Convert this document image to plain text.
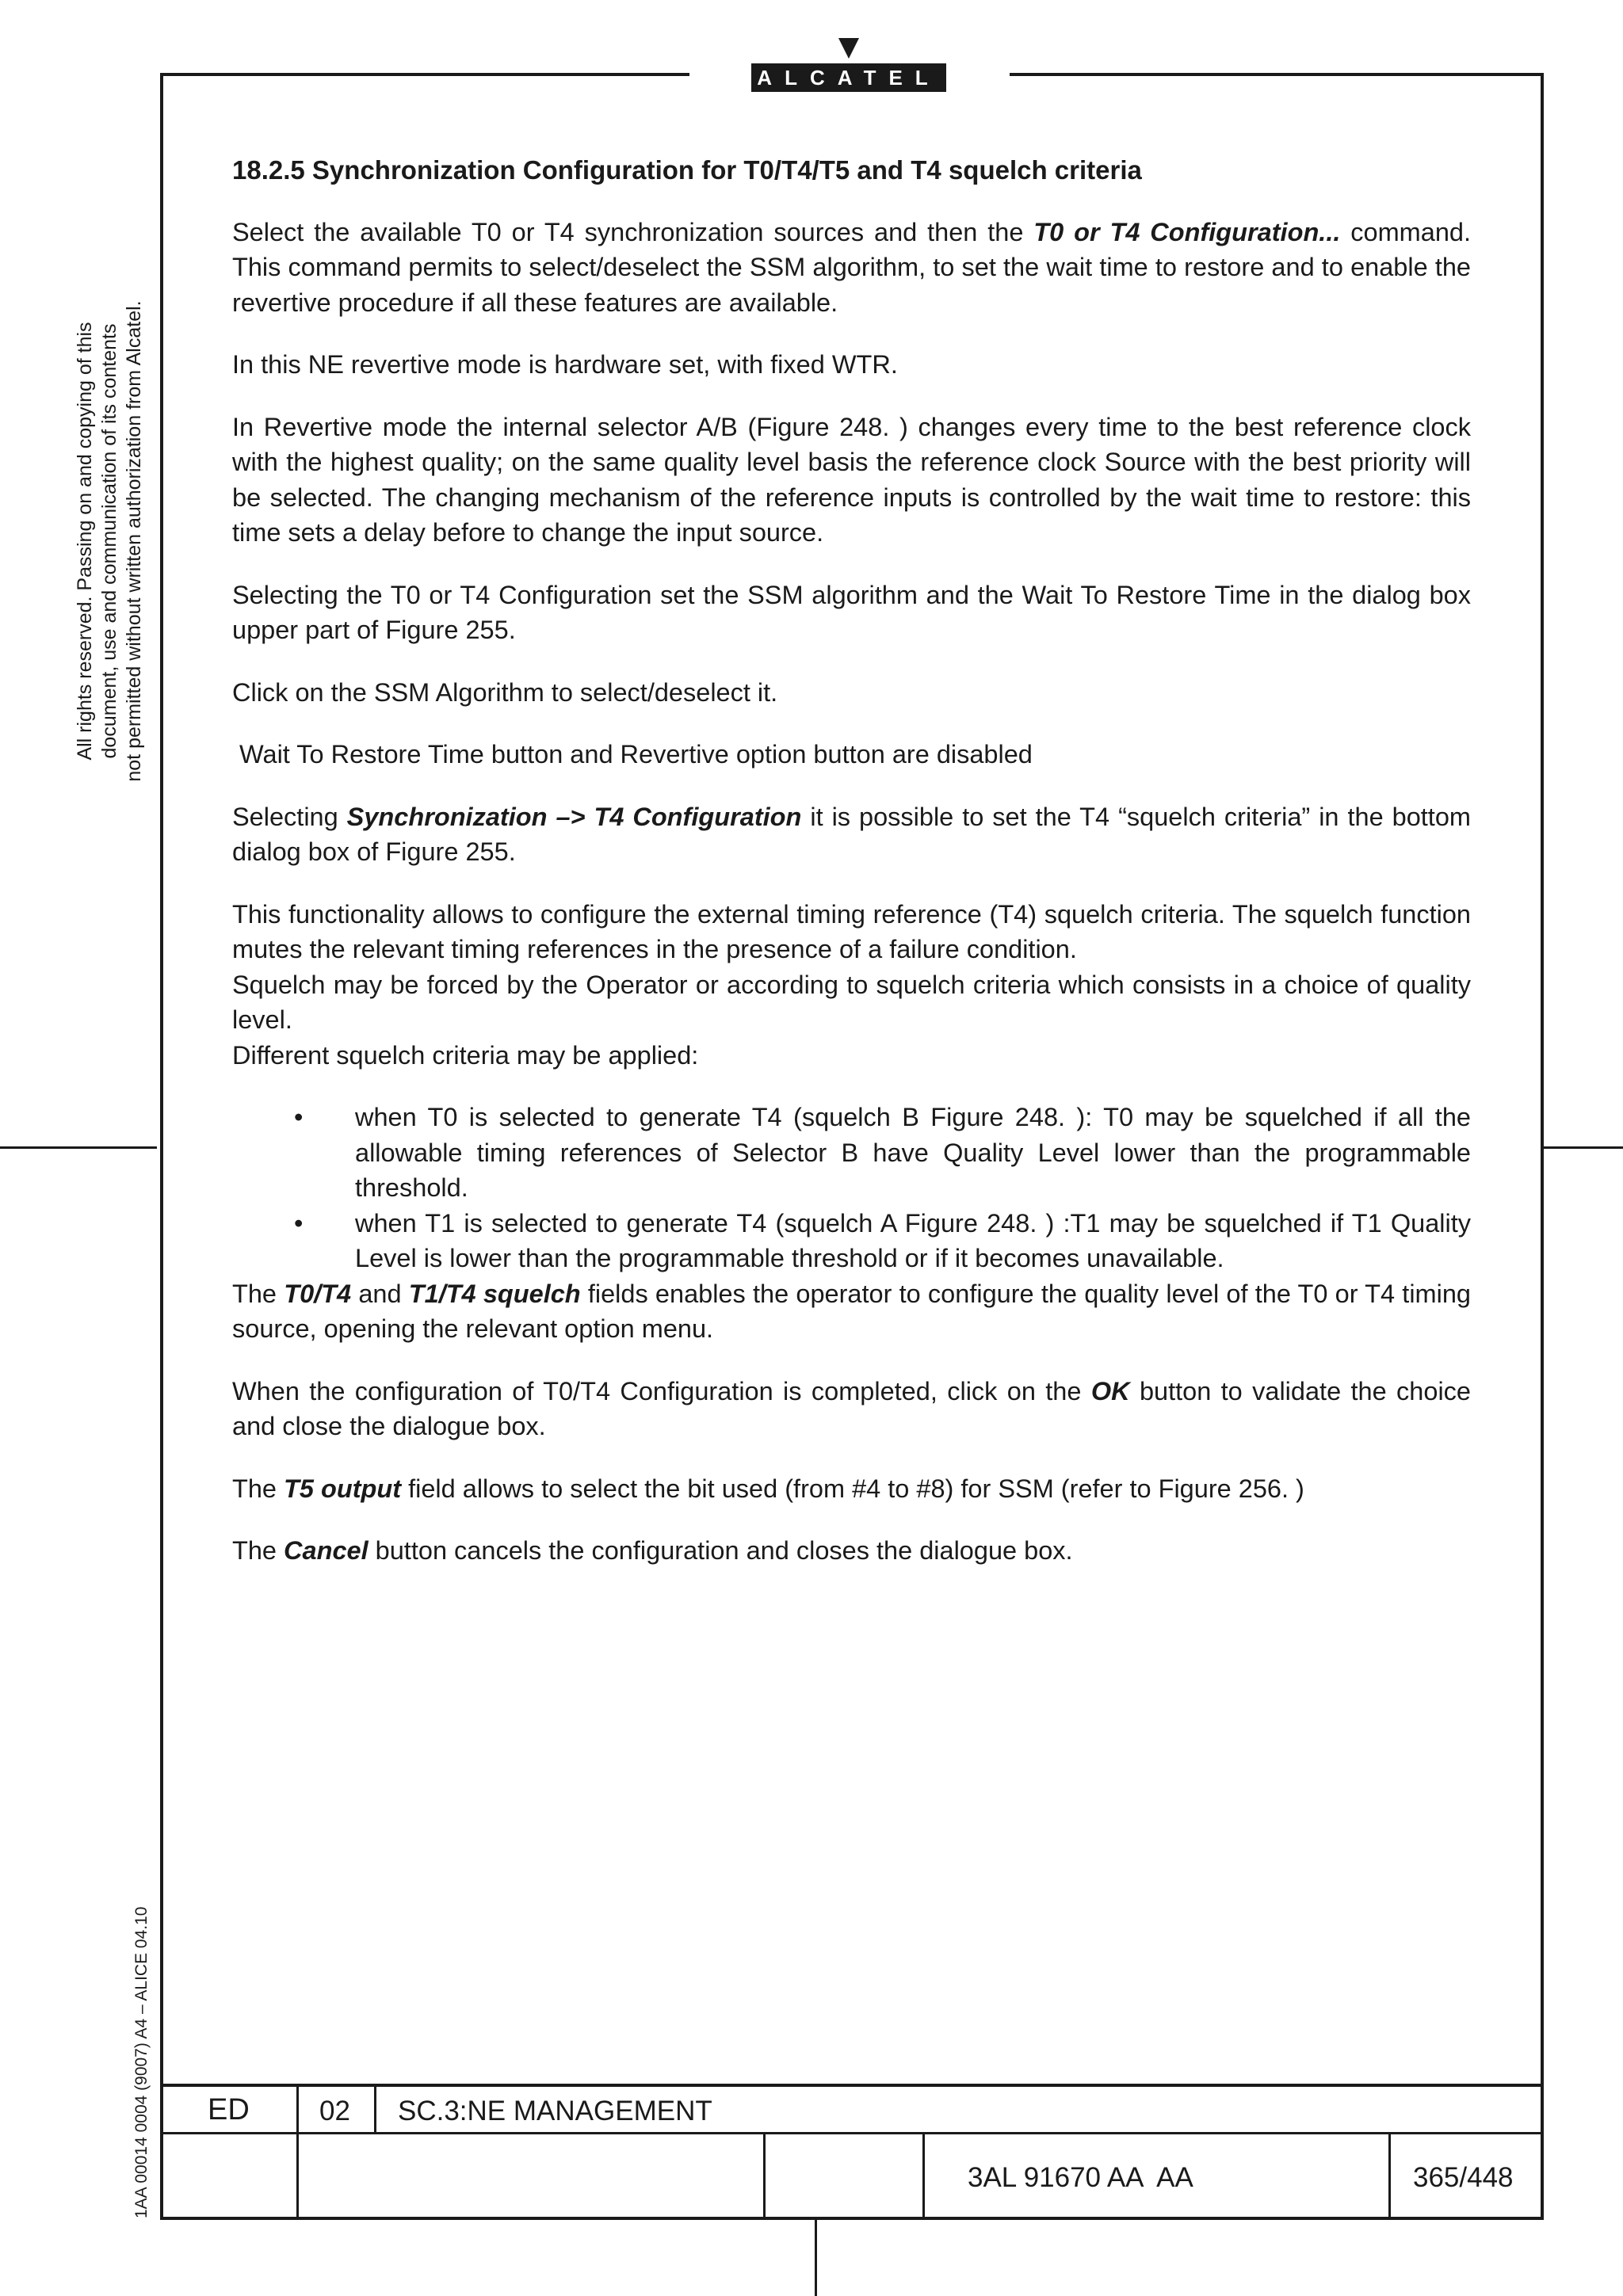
ALCATEL
All rights reserved. Passing on and copying of this document, use and communication of its contents not permitted without written authorization from Alcatel.
1AA 00014 0004 (9007) A4 – ALICE 04.10
18.2.5 Synchronization Configuration for T0/T4/T5 and T4 squelch criteria

Select the available T0 or T4 synchronization sources and then the T0 or T4 Configuration... command. This command permits to select/deselect the SSM algorithm, to set the wait time to restore and to enable the revertive procedure if all these features are available.

In this NE revertive mode is hardware set, with fixed WTR.

In Revertive mode the internal selector A/B (Figure 248. ) changes every time to the best reference clock with the highest quality; on the same quality level basis the reference clock Source with the best priority will be selected. The changing mechanism of the reference inputs is controlled by the wait time to restore: this time sets a delay before to change the input source.

Selecting the T0 or T4 Configuration set the SSM algorithm and the Wait To Restore Time in the dialog box upper part of Figure 255.

Click on the SSM Algorithm to select/deselect it.

Wait To Restore Time button and Revertive option button are disabled

Selecting Synchronization –> T4 Configuration it is possible to set the T4 “squelch criteria” in the bottom dialog box of Figure 255.

This functionality allows to configure the external timing reference (T4) squelch criteria. The squelch function mutes the relevant timing references in the presence of a failure condition.

Squelch may be forced by the Operator or according to squelch criteria which consists in a choice of quality level.

Different squelch criteria may be applied:

• when T0 is selected to generate T4 (squelch B Figure 248. ): T0 may be squelched if all the allowable timing references of Selector B have Quality Level lower than the programmable threshold.
• when T1 is selected to generate T4 (squelch A Figure 248. ) :T1 may be squelched if T1 Quality Level is lower than the programmable threshold or if it becomes unavailable.

The T0/T4 and T1/T4 squelch fields enables the operator to configure the quality level of the T0 or T4 timing source, opening the relevant option menu.

When the configuration of T0/T4 Configuration is completed, click on the OK button to validate the choice and close the dialogue box.

The T5 output field allows to select the bit used (from #4 to #8) for SSM (refer to Figure 256. )

The Cancel button cancels the configuration and closes the dialogue box.

ED	02 SC.3:NE MANAGEMENT
3AL 91670 AA  AA	365/448
